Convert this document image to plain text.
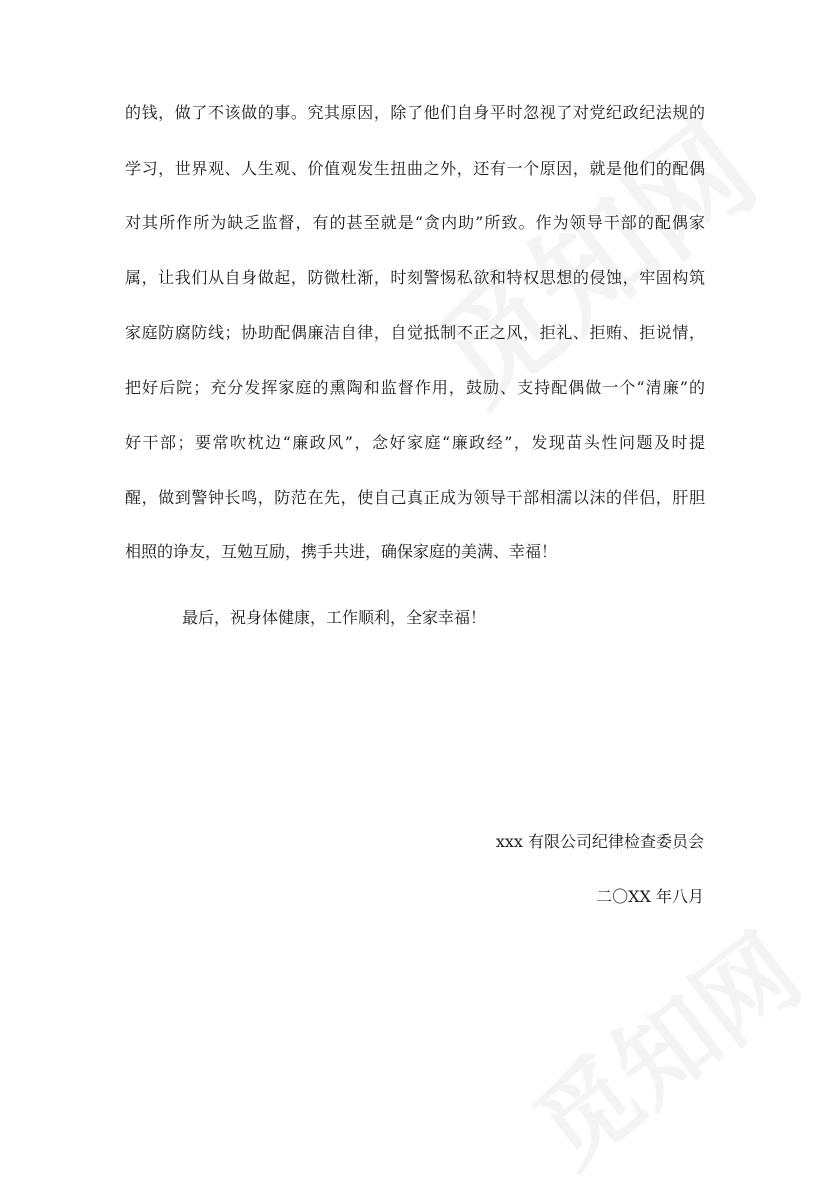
的钱，做了不该做的事。究其原因，除了他们自身平时忽视了对党纪政纪法规的
学习，世界观、人生观、价值观发生扭曲之外，还有一个原因，就是他们的配偶
对其所作所为缺乏监督，有的甚至就是“贪内助”所致。作为领导干部的配偶家
属，让我们从自身做起，防微杜渐，时刻警惕私欲和特权思想的侵蚀，牢固构筑
家庭防腐防线；协助配偶廉洁自律，自觉抵制不正之风，拒礼、拒贿、拒说情，
把好后院；充分发挥家庭的熏陶和监督作用，鼓励、支持配偶做一个“清廉”的
好干部；要常吹枕边“廉政风”，念好家庭“廉政经”，发现苗头性问题及时提
醒，做到警钟长鸣，防范在先，使自己真正成为领导干部相濡以沫的伴侣，肝胆
相照的诤友，互勉互励，携手共进，确保家庭的美满、幸福！
最后，祝身体健康，工作顺利，全家幸福！
xxx 有限公司纪律检查委员会
二〇XX 年八月
